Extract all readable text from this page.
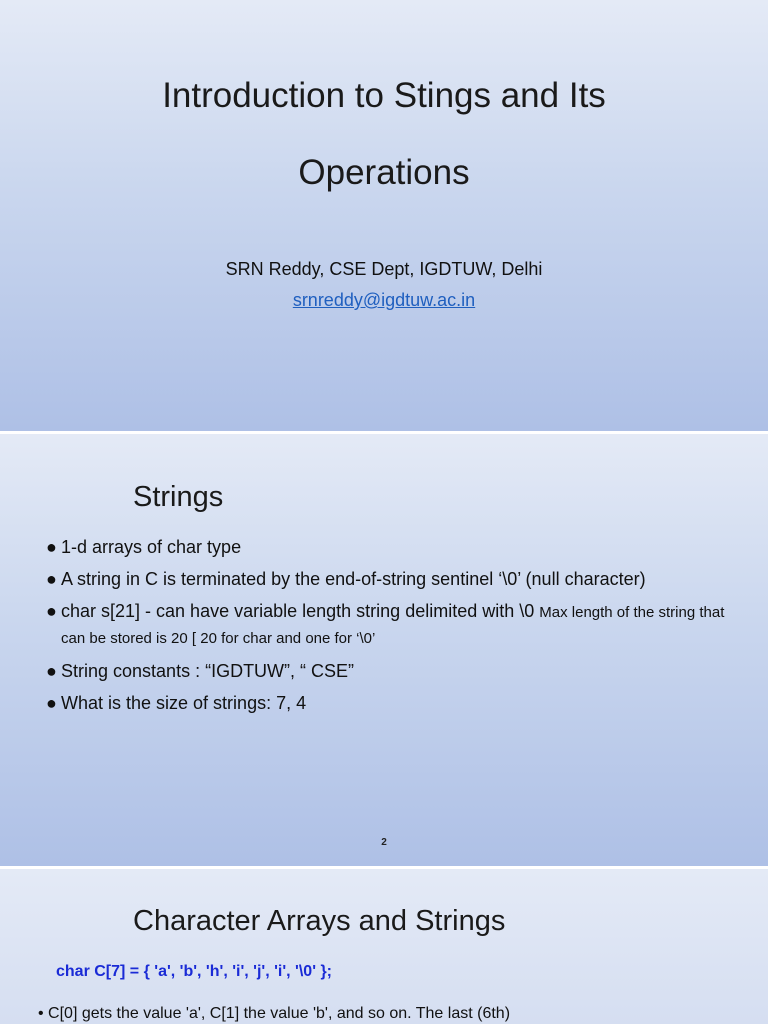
Introduction to Stings and Its
Operations
SRN Reddy, CSE Dept, IGDTUW, Delhi
srnreddy@igdtuw.ac.in
Strings
● 1-d arrays of char type
● A string in C is terminated by the end-of-string sentinel ‘\0’ (null character)
● char s[21] - can have variable length string delimited with \0 Max length of the string that can be stored is 20 [ 20 for char and one for ‘\0’
● String constants : “IGDTUW”, “ CSE”
● What is the size of strings: 7, 4
2
Character Arrays and Strings
char C[7] = { 'a', 'b', 'h', 'i', 'j', 'i', '\0' };
• C[0] gets the value 'a', C[1] the value 'b', and so on. The last (6th)
